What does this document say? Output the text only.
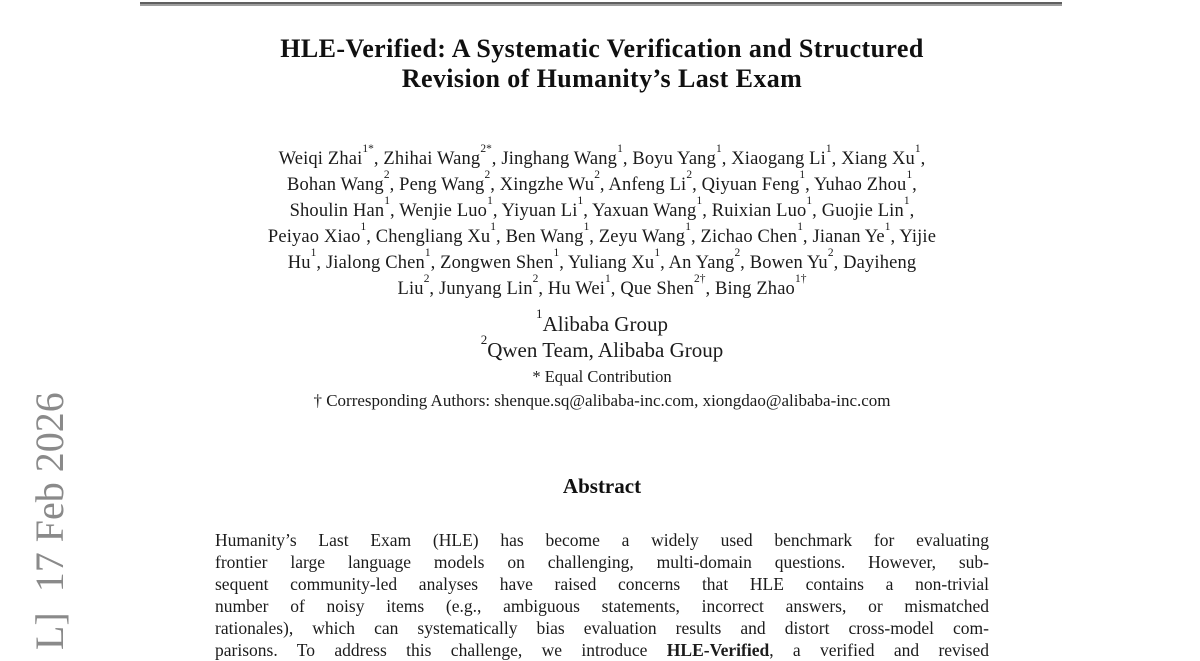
L]  17 Feb 2026
HLE-Verified: A Systematic Verification and Structured
Revision of Humanity’s Last Exam
Weiqi Zhai$^{1*}$, Zhihai Wang$^{2*}$, Jinghang Wang$^1$, Boyu Yang$^1$, Xiaogang Li$^1$, Xiang Xu$^1$,
Bohan Wang$^2$, Peng Wang$^2$, Xingzhe Wu$^2$, Anfeng Li$^2$, Qiyuan Feng$^1$, Yuhao Zhou$^1$,
Shoulin Han$^1$, Wenjie Luo$^1$, Yiyuan Li$^1$, Yaxuan Wang$^1$, Ruixian Luo$^1$, Guojie Lin$^1$,
Peiyao Xiao$^1$, Chengliang Xu$^1$, Ben Wang$^1$, Zeyu Wang$^1$, Zichao Chen$^1$, Jianan Ye$^1$, Yijie
Hu$^1$, Jialong Chen$^1$, Zongwen Shen$^1$, Yuliang Xu$^1$, An Yang$^2$, Bowen Yu$^2$, Dayiheng
Liu$^2$, Junyang Lin$^2$, Hu Wei$^1$, Que Shen$^{2\dagger}$, Bing Zhao$^{1\dagger}$
$^1$Alibaba Group
$^2$Qwen Team, Alibaba Group
* Equal Contribution
† Corresponding Authors: shenque.sq@alibaba-inc.com, xiongdao@alibaba-inc.com
Abstract
Humanity’s Last Exam (HLE) has become a widely used benchmark for evaluating
frontier large language models on challenging, multi-domain questions. However, sub-
sequent community-led analyses have raised concerns that HLE contains a non-trivial
number of noisy items (e.g., ambiguous statements, incorrect answers, or mismatched
rationales), which can systematically bias evaluation results and distort cross-model com-
parisons. To address this challenge, we introduce HLE-Verified, a verified and revised
